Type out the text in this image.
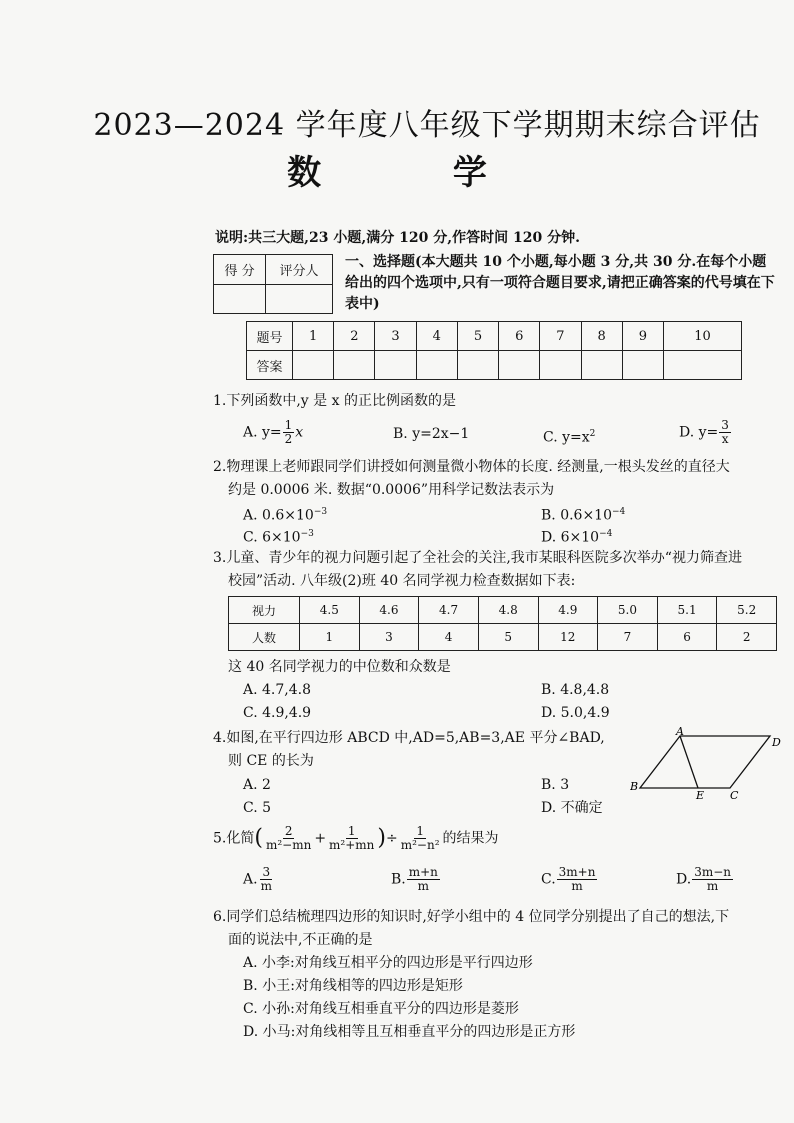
2023—2024 学年度八年级下学期期末综合评估
数 学
说明:共三大题,23 小题,满分 120 分,作答时间 120 分钟.
得 分	评分人

一、选择题(本大题共 10 个小题,每小题 3 分,共 30 分.在每个小题给出的四个选项中,只有一项符合题目要求,请把正确答案的代号填在下表中)
题号	1	2	3	4	5	6	7	8	9	10
答案										
1.下列函数中,y 是 x 的正比例函数的是
A. $y= \frac{1}{2}$ x	B. y=2x−1	C. $y=x^2$	D. $y= \frac{3}{x}$
2.物理课上老师跟同学们讲授如何测量微小物体的长度. 经测量,一根头发丝的直径大
约是 0.0006 米. 数据“0.0006”用科学记数法表示为
A. $0.6\times 10^{-3}$	B. $0.6\times 10^{-4}$
C. $6\times 10^{-3}$	D. $6\times 10^{-4}$
3.儿童、青少年的视力问题引起了全社会的关注,我市某眼科医院多次举办“视力筛查进
校园”活动. 八年级(2)班 40 名同学视力检查数据如下表:
视力	4.5	4.6	4.7	4.8	4.9	5.0	5.1	5.2
人数	1	3	4	5	12	7	6	2
这 40 名同学视力的中位数和众数是
A. 4.7,4.8	B. 4.8,4.8
C. 4.9,4.9	D. 5.0,4.9
4.如图,在平行四边形 ABCD 中,AD=5,AB=3,AE 平分∠BAD,
则 CE 的长为
A. 2	B. 3
C. 5	D. 不确定
A
D
B
E C
5.化简( $\frac{2}{\text{m²−mn}} + \frac{1}{\text{m²+mn}}$ )÷ $\frac{1}{\text{m²−n²}}$ 的结果为
A. $\frac{3}{m}$	B. $\frac{m+n}{m}$	C. $\frac{3m+n}{m}$	D. $\frac{3m-n}{m}$
6.同学们总结梳理四边形的知识时,好学小组中的 4 位同学分别提出了自己的想法,下
面的说法中,不正确的是
A. 小李:对角线互相平分的四边形是平行四边形
B. 小王:对角线相等的四边形是矩形
C. 小孙:对角线互相垂直平分的四边形是菱形
D. 小马:对角线相等且互相垂直平分的四边形是正方形
